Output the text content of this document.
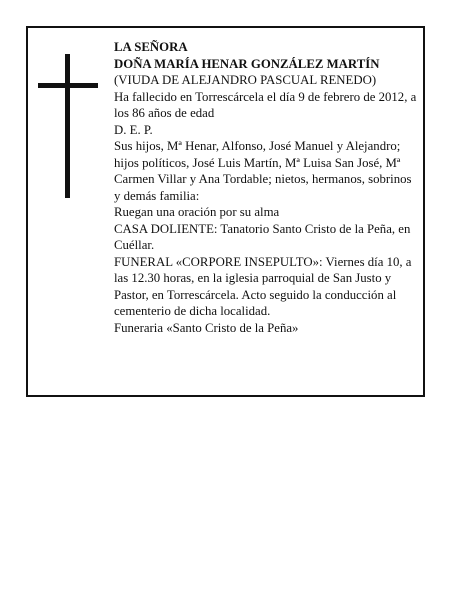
LA SEÑORA

DOÑA MARÍA HENAR GONZÁLEZ MARTÍN

(VIUDA DE ALEJANDRO PASCUAL RENEDO)

Ha fallecido en Torrescárcela el día 9 de febrero de 2012, a los 86 años de edad

D. E. P.

Sus hijos, Mª Henar, Alfonso, José Manuel y Alejandro; hijos políticos, José Luis Martín, Mª Luisa San José, Mª Carmen Villar y Ana Tordable; nietos, hermanos, sobrinos y demás familia:

Ruegan una oración por su alma

CASA DOLIENTE: Tanatorio Santo Cristo de la Peña, en Cuéllar.

FUNERAL «CORPORE INSEPULTO»: Viernes día 10, a las 12.30 horas, en la iglesia parroquial de San Justo y Pastor, en Torrescárcela. Acto seguido la conducción al cementerio de dicha localidad.

Funeraria «Santo Cristo de la Peña»
